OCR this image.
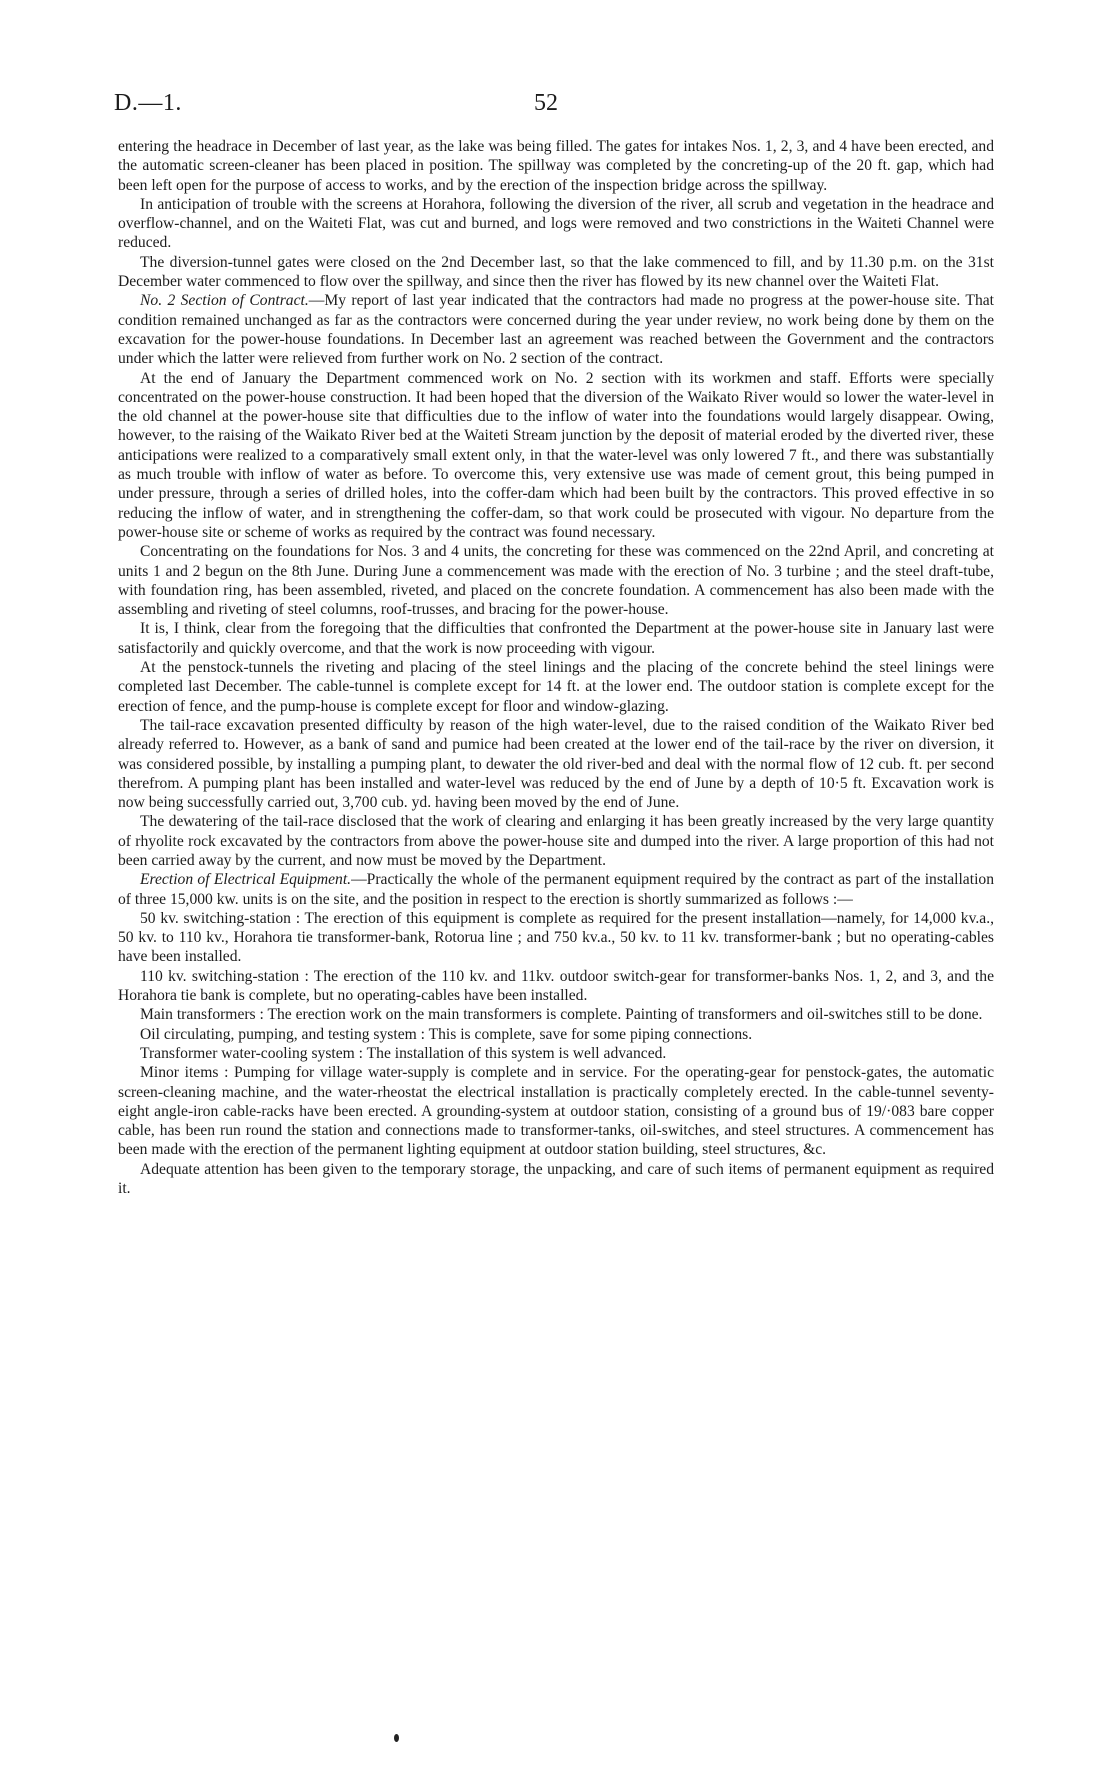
D.—1.	52

entering the headrace in December of last year, as the lake was being filled. The gates for intakes Nos. 1, 2, 3, and 4 have been erected, and the automatic screen-cleaner has been placed in position. The spillway was completed by the concreting-up of the 20 ft. gap, which had been left open for the purpose of access to works, and by the erection of the inspection bridge across the spillway.

In anticipation of trouble with the screens at Horahora, following the diversion of the river, all scrub and vegetation in the headrace and overflow-channel, and on the Waiteti Flat, was cut and burned, and logs were removed and two constrictions in the Waiteti Channel were reduced.

The diversion-tunnel gates were closed on the 2nd December last, so that the lake commenced to fill, and by 11.30 p.m. on the 31st December water commenced to flow over the spillway, and since then the river has flowed by its new channel over the Waiteti Flat.

No. 2 Section of Contract.—My report of last year indicated that the contractors had made no progress at the power-house site. That condition remained unchanged as far as the contractors were concerned during the year under review, no work being done by them on the excavation for the power-house foundations. In December last an agreement was reached between the Government and the contractors under which the latter were relieved from further work on No. 2 section of the contract.

At the end of January the Department commenced work on No. 2 section with its workmen and staff. Efforts were specially concentrated on the power-house construction. It had been hoped that the diversion of the Waikato River would so lower the water-level in the old channel at the power-house site that difficulties due to the inflow of water into the foundations would largely disappear. Owing, however, to the raising of the Waikato River bed at the Waiteti Stream junction by the deposit of material eroded by the diverted river, these anticipations were realized to a comparatively small extent only, in that the water-level was only lowered 7 ft., and there was substantially as much trouble with inflow of water as before. To overcome this, very extensive use was made of cement grout, this being pumped in under pressure, through a series of drilled holes, into the coffer-dam which had been built by the contractors. This proved effective in so reducing the inflow of water, and in strengthening the coffer-dam, so that work could be prosecuted with vigour. No departure from the power-house site or scheme of works as required by the contract was found necessary.

Concentrating on the foundations for Nos. 3 and 4 units, the concreting for these was commenced on the 22nd April, and concreting at units 1 and 2 begun on the 8th June. During June a commencement was made with the erection of No. 3 turbine ; and the steel draft-tube, with foundation ring, has been assembled, riveted, and placed on the concrete foundation. A commencement has also been made with the assembling and riveting of steel columns, roof-trusses, and bracing for the power-house.

It is, I think, clear from the foregoing that the difficulties that confronted the Department at the power-house site in January last were satisfactorily and quickly overcome, and that the work is now proceeding with vigour.

At the penstock-tunnels the riveting and placing of the steel linings and the placing of the concrete behind the steel linings were completed last December. The cable-tunnel is complete except for 14 ft. at the lower end. The outdoor station is complete except for the erection of fence, and the pump-house is complete except for floor and window-glazing.

The tail-race excavation presented difficulty by reason of the high water-level, due to the raised condition of the Waikato River bed already referred to. However, as a bank of sand and pumice had been created at the lower end of the tail-race by the river on diversion, it was considered possible, by installing a pumping plant, to dewater the old river-bed and deal with the normal flow of 12 cub. ft. per second therefrom. A pumping plant has been installed and water-level was reduced by the end of June by a depth of 10·5 ft. Excavation work is now being successfully carried out, 3,700 cub. yd. having been moved by the end of June.

The dewatering of the tail-race disclosed that the work of clearing and enlarging it has been greatly increased by the very large quantity of rhyolite rock excavated by the contractors from above the power-house site and dumped into the river. A large proportion of this had not been carried away by the current, and now must be moved by the Department.

Erection of Electrical Equipment.—Practically the whole of the permanent equipment required by the contract as part of the installation of three 15,000 kw. units is on the site, and the position in respect to the erection is shortly summarized as follows :—

50 kv. switching-station : The erection of this equipment is complete as required for the present installation—namely, for 14,000 kv.a., 50 kv. to 110 kv., Horahora tie transformer-bank, Rotorua line ; and 750 kv.a., 50 kv. to 11 kv. transformer-bank ; but no operating-cables have been installed.

110 kv. switching-station : The erection of the 110 kv. and 11kv. outdoor switch-gear for transformer-banks Nos. 1, 2, and 3, and the Horahora tie bank is complete, but no operating-cables have been installed.

Main transformers : The erection work on the main transformers is complete. Painting of transformers and oil-switches still to be done.

Oil circulating, pumping, and testing system : This is complete, save for some piping connections.

Transformer water-cooling system : The installation of this system is well advanced.

Minor items : Pumping for village water-supply is complete and in service. For the operating-gear for penstock-gates, the automatic screen-cleaning machine, and the water-rheostat the electrical installation is practically completely erected. In the cable-tunnel seventy-eight angle-iron cable-racks have been erected. A grounding-system at outdoor station, consisting of a ground bus of 19/·083 bare copper cable, has been run round the station and connections made to transformer-tanks, oil-switches, and steel structures. A commencement has been made with the erection of the permanent lighting equipment at outdoor station building, steel structures, &c.

Adequate attention has been given to the temporary storage, the unpacking, and care of such items of permanent equipment as required it.
